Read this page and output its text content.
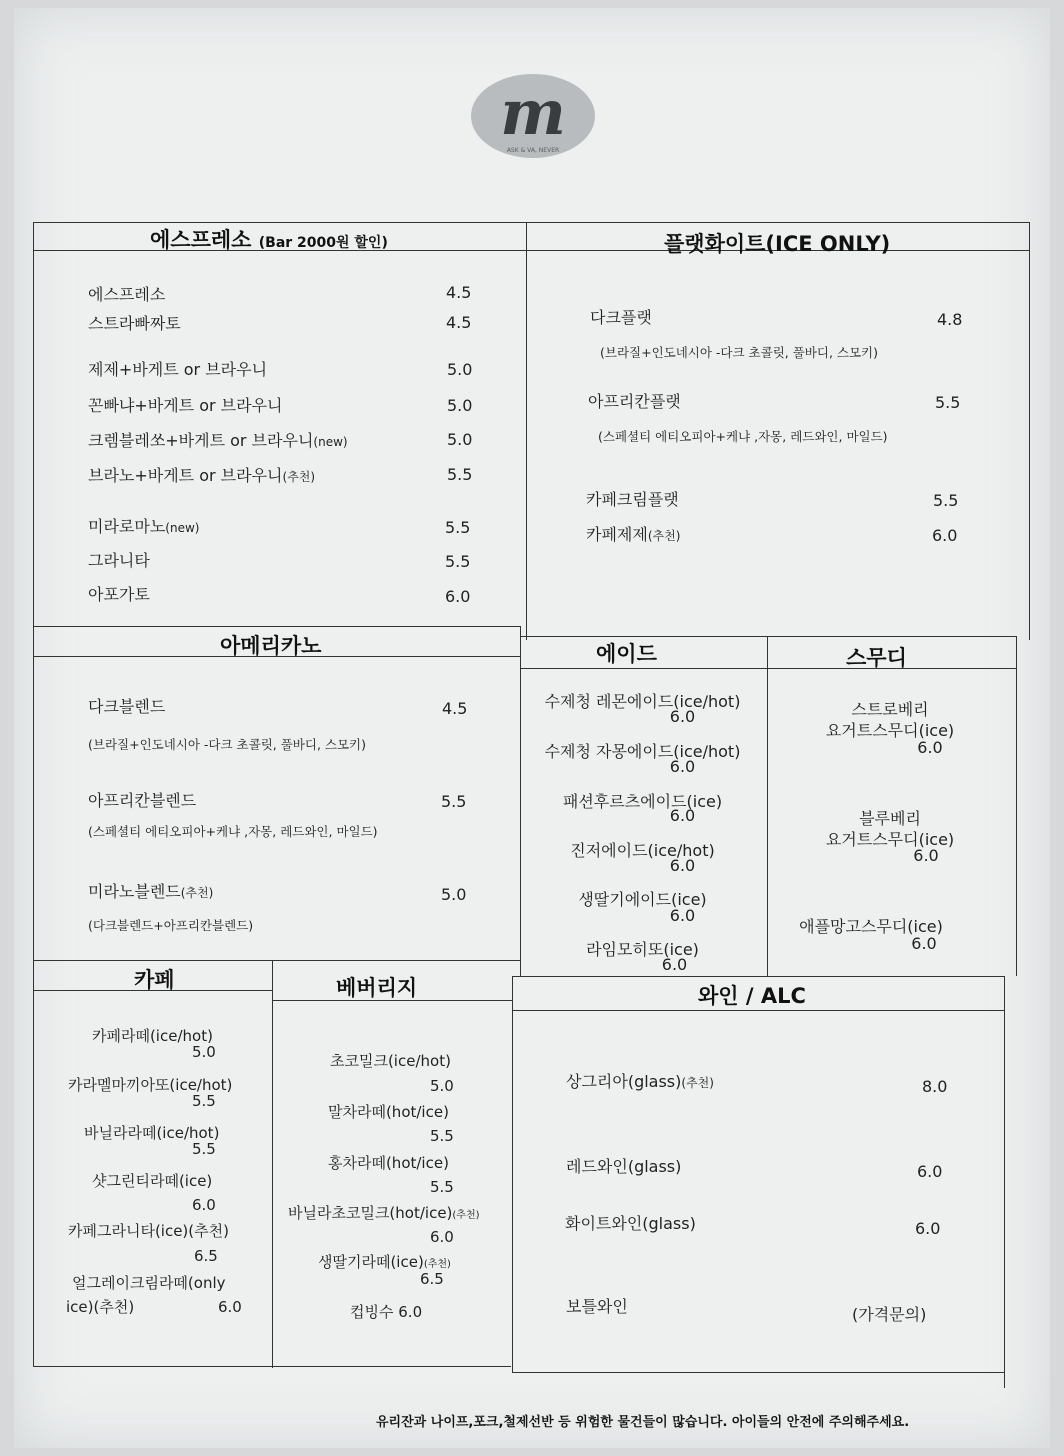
m
ASK & VA, NEVER
에스프레소 (Bar 2000원 할인)
에스프레소	4.5
스트라빠짜토	4.5
제제+바게트 or 브라우니	5.0
꼰빠냐+바게트 or 브라우니	5.0
크렘블레쏘+바게트 or 브라우니(new)	5.0
브라노+바게트 or 브라우니(추천)	5.5
미라로마노(new)	5.5
그라니타	5.5
아포가토	6.0
플랫화이트(ICE ONLY)
다크플랫	4.8
(브라질+인도네시아 -다크 초콜릿, 풀바디, 스모키)
아프리칸플랫	5.5
(스페셜티 에티오피아+케냐 ,자몽, 레드와인, 마일드)
카페크림플랫	5.5
카페제제(추천)	6.0
아메리카노
다크블렌드	4.5
(브라질+인도네시아 -다크 초콜릿, 풀바디, 스모키)
아프리칸블렌드	5.5
(스페셜티 에티오피아+케냐 ,자몽, 레드와인, 마일드)
미라노블렌드(추천)	5.0
(다크블렌드+아프리칸블렌드)
에이드
수제청 레몬에이드(ice/hot)
6.0
수제청 자몽에이드(ice/hot)
6.0
패션후르츠에이드(ice)
6.0
진저에이드(ice/hot)
6.0
생딸기에이드(ice)
6.0
라임모히또(ice)
6.0
스무디
스트로베리
요거트스무디(ice)
6.0
블루베리
요거트스무디(ice)
6.0
애플망고스무디(ice)
6.0
카페
카페라떼(ice/hot)
5.0
카라멜마끼아또(ice/hot)
5.5
바닐라라떼(ice/hot)
5.5
샷그린티라떼(ice)
6.0
카페그라니타(ice)(추천)
6.5
얼그레이크림라떼(only
ice)(추천)	6.0
베버리지
초코밀크(ice/hot)
5.0
말차라떼(hot/ice)
5.5
홍차라떼(hot/ice)
5.5
바닐라초코밀크(hot/ice)(추천)
6.0
생딸기라떼(ice)(추천)
6.5
컵빙수 6.0
와인 / ALC
상그리아(glass)(추천)	8.0
레드와인(glass)	6.0
화이트와인(glass)	6.0
보틀와인	(가격문의)
유리잔과 나이프,포크,철제선반 등 위험한 물건들이 많습니다. 아이들의 안전에 주의해주세요.
